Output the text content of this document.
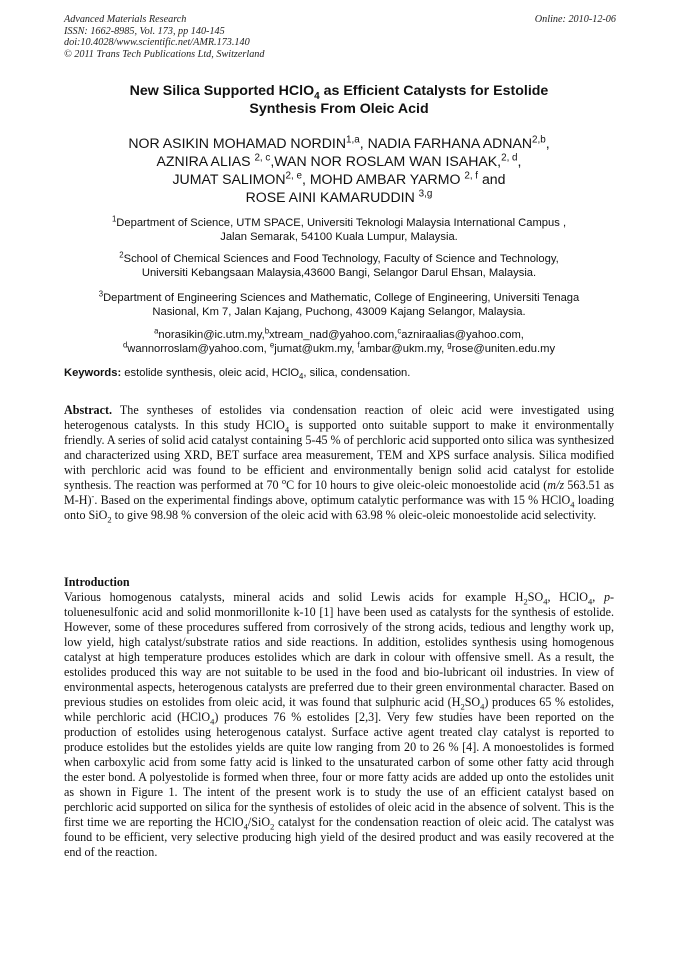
Advanced Materials Research
ISSN: 1662-8985, Vol. 173, pp 140-145
doi:10.4028/www.scientific.net/AMR.173.140
© 2011 Trans Tech Publications Ltd, Switzerland
Online: 2010-12-06
New Silica Supported HClO$_4$ as Efficient Catalysts for Estolide
Synthesis From Oleic Acid
NOR ASIKIN MOHAMAD NORDIN$^{1,a}$, NADIA FARHANA ADNAN$^{2,b}$,
AZNIRA ALIAS $^{2, c}$,WAN NOR ROSLAM WAN ISAHAK,$^{2, d}$,
JUMAT SALIMON$^{2, e}$, MOHD AMBAR YARMO $^{2, f}$ and
ROSE AINI KAMARUDDIN $^{3,g}$
$^1$Department of Science, UTM SPACE, Universiti Teknologi Malaysia International Campus ,
Jalan Semarak, 54100 Kuala Lumpur, Malaysia.
$^2$School of Chemical Sciences and Food Technology, Faculty of Science and Technology,
Universiti Kebangsaan Malaysia,43600 Bangi, Selangor Darul Ehsan, Malaysia.
$^3$Department of Engineering Sciences and Mathematic, College of Engineering, Universiti Tenaga
Nasional, Km 7, Jalan Kajang, Puchong, 43009 Kajang Selangor, Malaysia.
$^a$norasikin@ic.utm.my,$^b$xtream_nad@yahoo.com,$^c$azniraalias@yahoo.com,
$^d$wannorroslam@yahoo.com, $^e$jumat@ukm.my, $^f$ambar@ukm.my, $^g$rose@uniten.edu.my
Keywords: estolide synthesis, oleic acid, HClO$_4$, silica, condensation.
Abstract. The syntheses of estolides via condensation reaction of oleic acid were investigated using heterogenous catalysts. In this study HClO$_4$ is supported onto suitable support to make it environmentally friendly. A series of solid acid catalyst containing 5-45 % of perchloric acid supported onto silica was synthesized and characterized using XRD, BET surface area measurement, TEM and XPS surface analysis. Silica modified with perchloric acid was found to be efficient and environmentally benign solid acid catalyst for estolide synthesis. The reaction was performed at 70 $^o$C for 10 hours to give oleic-oleic monoestolide acid (m/z 563.51 as M-H)-. Based on the experimental findings above, optimum catalytic performance was with 15 % HClO$_4$ loading onto SiO$_2$ to give 98.98 % conversion of the oleic acid with 63.98 % oleic-oleic monoestolide acid selectivity.
Introduction
Various homogenous catalysts, mineral acids and solid Lewis acids for example $H_2SO_4$, HClO$_4$, p-toluenesulfonic acid and solid monmorillonite k-10 [1] have been used as catalysts for the synthesis of estolide. However, some of these procedures suffered from corrosively of the strong acids, tedious and lengthy work up, low yield, high catalyst/substrate ratios and side reactions. In addition, estolides synthesis using homogenous catalyst at high temperature produces estolides which are dark in colour with offensive smell. As a result, the estolides produced this way are not suitable to be used in the food and bio-lubricant oil industries. In view of environmental aspects, heterogenous catalysts are preferred due to their green environmental character. Based on previous studies on estolides from oleic acid, it was found that sulphuric acid $(H_2SO_4)$ produces 65 % estolides, while perchloric acid (HClO$_4$) produces 76 % estolides [2,3]. Very few studies have been reported on the production of estolides using heterogenous catalyst. Surface active agent treated clay catalyst is reported to produce estolides but the estolides yields are quite low ranging from 20 to 26 % [4]. A monoestolides is formed when carboxylic acid from some fatty acid is linked to the unsaturated carbon of some other fatty acid through the ester bond. A polyestolide is formed when three, four or more fatty acids are added up onto the estolides unit as shown in Figure 1. The intent of the present work is to study the use of an efficient catalyst based on perchloric acid supported on silica for the synthesis of estolides of oleic acid in the absence of solvent. This is the first time we are reporting the HClO$_4$/SiO$_2$ catalyst for the condensation reaction of oleic acid. The catalyst was found to be efficient, very selective producing high yield of the desired product and was easily recovered at the end of the reaction.
